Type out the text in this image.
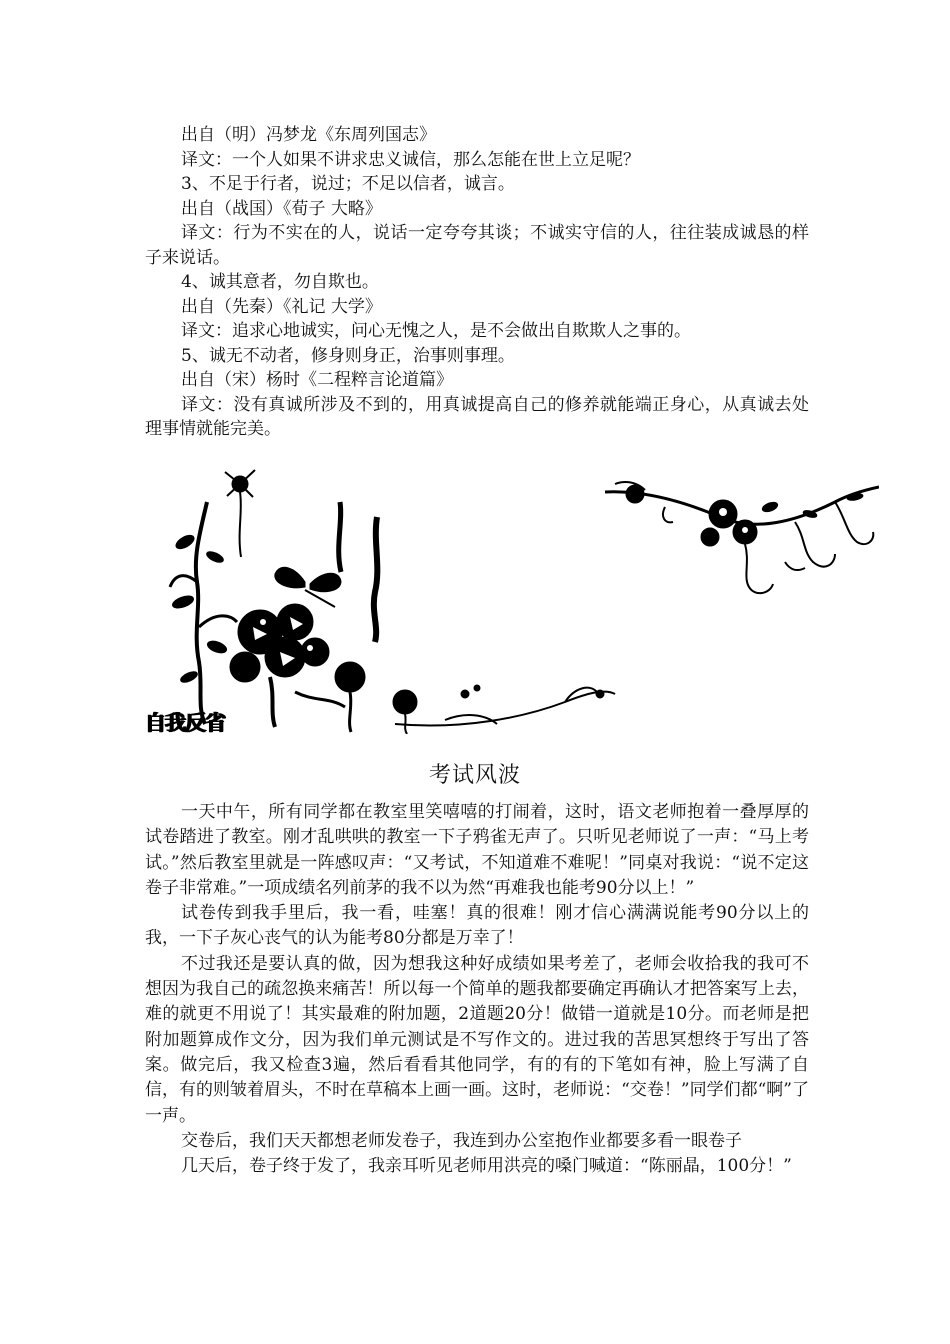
出自（明）冯梦龙《东周列国志》

译文：一个人如果不讲求忠义诚信，那么怎能在世上立足呢？

3、不足于行者，说过；不足以信者，诚言。

出自（战国）《荀子 大略》

译文：行为不实在的人，说话一定夸夸其谈；不诚实守信的人，往往装成诚恳的样子来说话。

4、诚其意者，勿自欺也。

出自（先秦）《礼记 大学》

译文：追求心地诚实，问心无愧之人，是不会做出自欺欺人之事的。

5、诚无不动者，修身则身正，治事则事理。

出自（宋）杨时《二程粹言论道篇》

译文：没有真诚所涉及不到的，用真诚提高自己的修养就能端正身心，从真诚去处理事情就能完美。

自我反省
考试风波

一天中午，所有同学都在教室里笑嘻嘻的打闹着，这时，语文老师抱着一叠厚厚的试卷踏进了教室。刚才乱哄哄的教室一下子鸦雀无声了。只听见老师说了一声：“马上考试。”然后教室里就是一阵感叹声：“又考试，不知道难不难呢！”同桌对我说：“说不定这卷子非常难。”一项成绩名列前茅的我不以为然“再难我也能考90分以上！”

试卷传到我手里后，我一看，哇塞！真的很难！刚才信心满满说能考90分以上的我，一下子灰心丧气的认为能考80分都是万幸了！

不过我还是要认真的做，因为想我这种好成绩如果考差了，老师会收拾我的我可不想因为我自己的疏忽换来痛苦！所以每一个简单的题我都要确定再确认才把答案写上去，难的就更不用说了！其实最难的附加题，2道题20分！做错一道就是10分。而老师是把附加题算成作文分，因为我们单元测试是不写作文的。进过我的苦思冥想终于写出了答案。做完后，我又检查3遍，然后看看其他同学，有的有的下笔如有神，脸上写满了自信，有的则皱着眉头，不时在草稿本上画一画。这时，老师说：“交卷！”同学们都“啊”了一声。

交卷后，我们天天都想老师发卷子，我连到办公室抱作业都要多看一眼卷子

几天后，卷子终于发了，我亲耳听见老师用洪亮的嗓门喊道：“陈丽晶，100分！”
